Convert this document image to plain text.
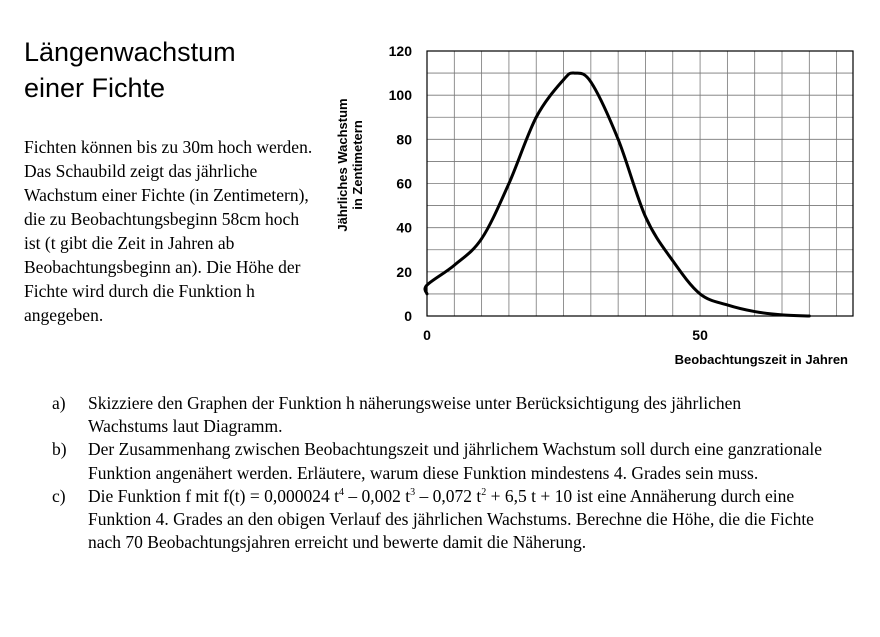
Längenwachstum
einer Fichte

Fichten können bis zu 30m hoch werden. Das Schaubild zeigt das jährliche Wachstum einer Fichte (in Zentimetern), die zu Beobachtungsbeginn 58cm hoch ist (t gibt die Zeit in Jahren ab Beobachtungsbeginn an). Die Höhe der Fichte wird durch die Funktion h angegeben.	0
20
40
60
80
100
120
0	50
Jährliches Wachstum in Zentimetern
Beobachtungszeit in Jahren
a) Skizziere den Graphen der Funktion h näherungsweise unter Berücksichtigung des jährlichen Wachstums laut Diagramm.
b) Der Zusammenhang zwischen Beobachtungszeit und jährlichem Wachstum soll durch eine ganzrationale Funktion angenähert werden. Erläutere, warum diese Funktion mindestens 4. Grades sein muss.
c) Die Funktion f mit f(t) = 0,000024 $t^4 - 0,002$ $t^3 - 0,072$ $t^2 + 6,5$ t + 10 ist eine Annäherung durch eine Funktion 4. Grades an den obigen Verlauf des jährlichen Wachstums. Berechne die Höhe, die die Fichte nach 70 Beobachtungsjahren erreicht und bewerte damit die Näherung.
